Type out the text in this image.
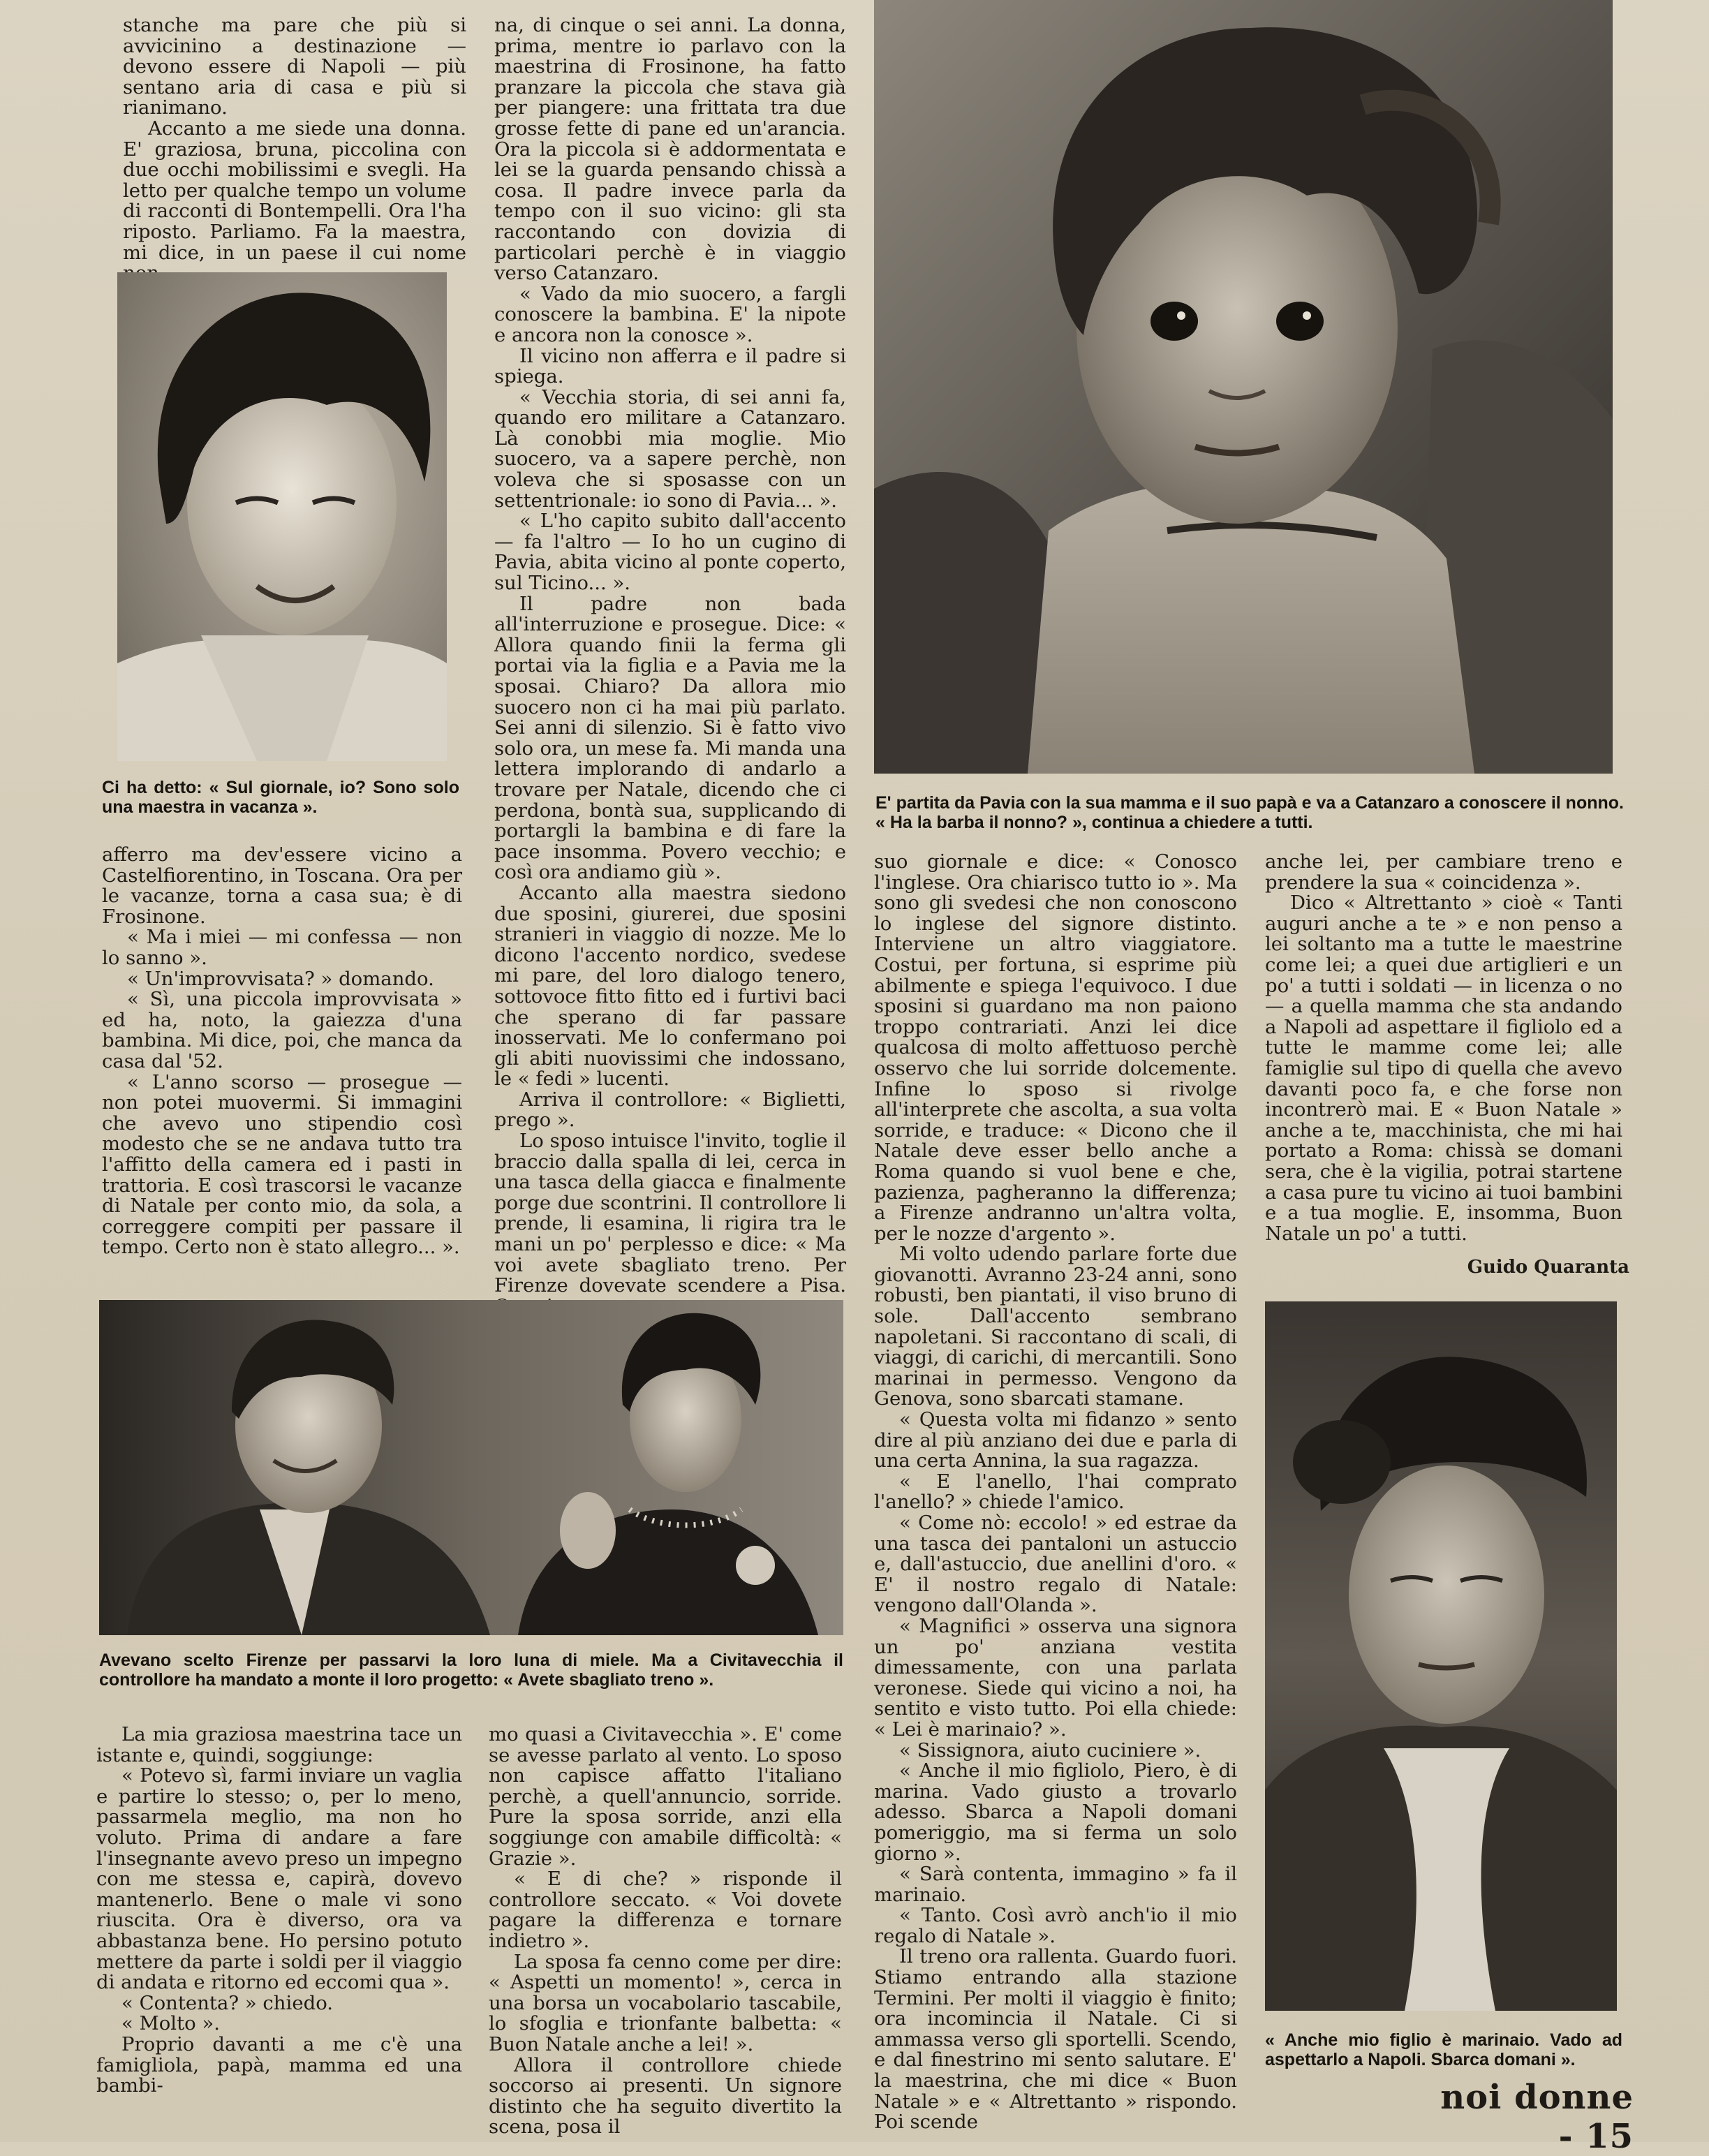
stanche ma pare che più si avvicinino a destinazione — devono essere di Napoli — più sentano aria di casa e più si rianimano.

Accanto a me siede una donna. E' graziosa, bruna, piccolina con due occhi mobilissimi e svegli. Ha letto per qualche tempo un volume di racconti di Bontempelli. Ora l'ha riposto. Parliamo. Fa la maestra, mi dice, in un paese il cui nome

Ci ha detto: « Sul giornale, io? Sono solo una maestra in vacanza ».

afferro ma dev'essere vicino a Castelfiorentino, in Toscana. Ora per le vacanze, torna a casa sua; è di Frosinone.

« Ma i miei — mi confessa — non lo sanno ».

« Un'improvvisata? » domando.

« Sì, una piccola improvvisata » ed ha, noto, la gaiezza d'una bambina. Mi dice, poi, che manca da casa dal '52.

« L'anno scorso — prosegue — non potei muovermi. Si immagini che avevo uno stipendio così modesto che se ne andava tutto tra l'affitto della camera ed i pasti in trattoria. E così trascorsi le vacanze di Natale per conto mio, da sola, a correggere compiti per passare il tempo. Certo non è stato allegro... ».

na, di cinque o sei anni. La donna, prima, mentre io parlavo con la maestrina di Frosinone, ha fatto pranzare la piccola che stava già per piangere: una frittata tra due grosse fette di pane ed un'arancia. Ora la piccola si è addormentata e lei se la guarda pensando chissà a cosa. Il padre invece parla da tempo con il suo vicino: gli sta raccontando con dovizia di particolari perchè è in viaggio verso Catanzaro.

« Vado da mio suocero, a fargli conoscere la bambina. E' la nipote e ancora non la conosce ».

Il vicino non afferra e il padre si spiega.

« Vecchia storia, di sei anni fa, quando ero militare a Catanzaro. Là conobbi mia moglie. Mio suocero, va a sapere perchè, non voleva che si sposasse con un settentrionale: io sono di Pavia... ».

« L'ho capito subito dall'accento — fa l'altro — Io ho un cugino di Pavia, abita vicino al ponte coperto, sul Ticino... ».

Il padre non bada all'interruzione e prosegue. Dice: « Allora quando finii la ferma gli portai via la figlia e a Pavia me la sposai. Chiaro? Da allora mio suocero non ci ha mai più parlato. Sei anni di silenzio. Si è fatto vivo solo ora, un mese fa. Mi manda una lettera implorando di andarlo a trovare per Natale, dicendo che ci perdona, bontà sua, supplicando di portargli la bambina e di fare la pace insomma. Povero vecchio; e così ora andiamo giù ».

Accanto alla maestra siedono due sposini, giurerei, due sposini stranieri in viaggio di nozze. Me lo dicono l'accento nordico, svedese mi pare, del loro dialogo tenero, sottovoce fitto fitto ed i furtivi baci che sperano di far passare inosservati. Me lo confermano poi gli abiti nuovissimi che indossano, le « fedi » lucenti.

Arriva il controllore: « Biglietti, prego ».

Lo sposo intuisce l'invito, toglie il braccio dalla spalla di lei, cerca in una tasca della giacca e finalmente porge due scontrini. Il controllore li prende, li esamina, li rigira tra le mani un po' perplesso e dice: « Ma voi avete sbagliato treno. Per Firenze dovevate scendere a Pisa.

E' partita da Pavia con la sua mamma e il suo papà e va a Catanzaro a conoscere il nonno. « Ha la barba il nonno? », continua a chiedere a tutti.

suo giornale e dice: « Conosco l'inglese. Ora chiarisco tutto io ». Ma sono gli svedesi che non conoscono lo inglese del signore distinto. Interviene un altro viaggiatore. Costui, per fortuna, si esprime più abilmente e spiega l'equivoco. I due sposini si guardano ma non paiono troppo contrariati. Anzi lei dice qualcosa di molto affettuoso perchè osservo che lui sorride dolcemente. Infine lo sposo si rivolge all'interprete che ascolta, a sua volta sorride, e traduce: « Dicono che il Natale deve esser bello anche a Roma quando si vuol bene e che, pazienza, pagheranno la differenza; a Firenze andranno un'altra volta, per le nozze d'argento ».

Mi volto udendo parlare forte due giovanotti. Avranno 23-24 anni, sono robusti, ben piantati, il viso bruno di sole. Dall'accento sembrano napoletani. Si raccontano di scali, di viaggi, di carichi, di mercantili. Sono marinai in permesso. Vengono da Genova, sono sbarcati stamane.

« Questa volta mi fidanzo » sento dire al più anziano dei due e parla di una certa Annina, la sua ragazza.

« E l'anello, l'hai comprato l'anello? » chiede l'amico.

« Come nò: eccolo! » ed estrae da una tasca dei pantaloni un astuccio e, dall'astuccio, due anellini d'oro. « E' il nostro regalo di Natale: vengono dall'Olanda ».

« Magnifici » osserva una signora un po' anziana vestita dimessamente, con una parlata veronese. Siede qui vicino a noi, ha sentito e visto tutto. Poi ella chiede: « Lei è marinaio? ».

« Sissignora, aiuto cuciniere ».

« Anche il mio figliolo, Piero, è di marina. Vado giusto a trovarlo adesso. Sbarca a Napoli domani pomeriggio, ma si ferma un solo giorno ».

« Sarà contenta, immagino » fa il marinaio.

« Tanto. Così avrò anch'io il mio regalo di Natale ».

Il treno ora rallenta. Guardo fuori. Stiamo entrando alla stazione Termini. Per molti il viaggio è finito; ora incomincia il Natale. Ci si ammassa verso gli sportelli. Scendo, e dal finestrino mi sento salutare. E' la maestrina, che mi dice « Buon Natale » e « Altrettanto » rispondo. Poi scende

anche lei, per cambiare treno e prendere la sua « coincidenza ».

Dico « Altrettanto » cioè « Tanti auguri anche a te » e non penso a lei soltanto ma a tutte le maestrine come lei; a quei due artiglieri e un po' a tutti i soldati — in licenza o no — a quella mamma che sta andando a Napoli ad aspettare il figliolo ed a tutte le mamme come lei; alle famiglie sul tipo di quella che avevo davanti poco fa, e che forse non incontrerò mai. E « Buon Natale » anche a te, macchinista, che mi hai portato a Roma: chissà se domani sera, che è la vigilia, potrai startene a casa pure tu vicino ai tuoi bambini e a tua moglie. E, insomma, Buon Natale un po' a tutti.

Guido Quaranta
Avevano scelto Firenze per passarvi la loro luna di miele. Ma a Civitavecchia il controllore ha mandato a monte il loro progetto: « Avete sbagliato treno ».

La mia graziosa maestrina tace un istante e, quindi, soggiunge:

« Potevo sì, farmi inviare un vaglia e partire lo stesso; o, per lo meno, passarmela meglio, ma non ho voluto. Prima di andare a fare l'insegnante avevo preso un impegno con me stessa e, capirà, dovevo mantenerlo. Bene o male vi sono riuscita. Ora è diverso, ora va abbastanza bene. Ho persino potuto mettere da parte i soldi per il viaggio di andata e ritorno ed eccomi qua ».

« Contenta? » chiedo.

« Molto ».

Proprio davanti a me c'è una famigliola, papà, mamma ed una bambi-

mo quasi a Civitavecchia ». E' come se avesse parlato al vento. Lo sposo non capisce affatto l'italiano perchè, a quell'annuncio, sorride. Pure la sposa sorride, anzi ella soggiunge con amabile difficoltà: « Grazie ».

« E di che? » risponde il controllore seccato. « Voi dovete pagare la differenza e tornare indietro ».

La sposa fa cenno come per dire: « Aspetti un momento! », cerca in una borsa un vocabolario tascabile, lo sfoglia e trionfante balbetta: « Buon Natale anche a lei! ».

Allora il controllore chiede soccorso ai presenti. Un signore distinto che ha seguito divertito la scena, posa il

« Anche mio figlio è marinaio. Vado ad aspettarlo a Napoli. Sbarca domani ».
noi donne - 15
